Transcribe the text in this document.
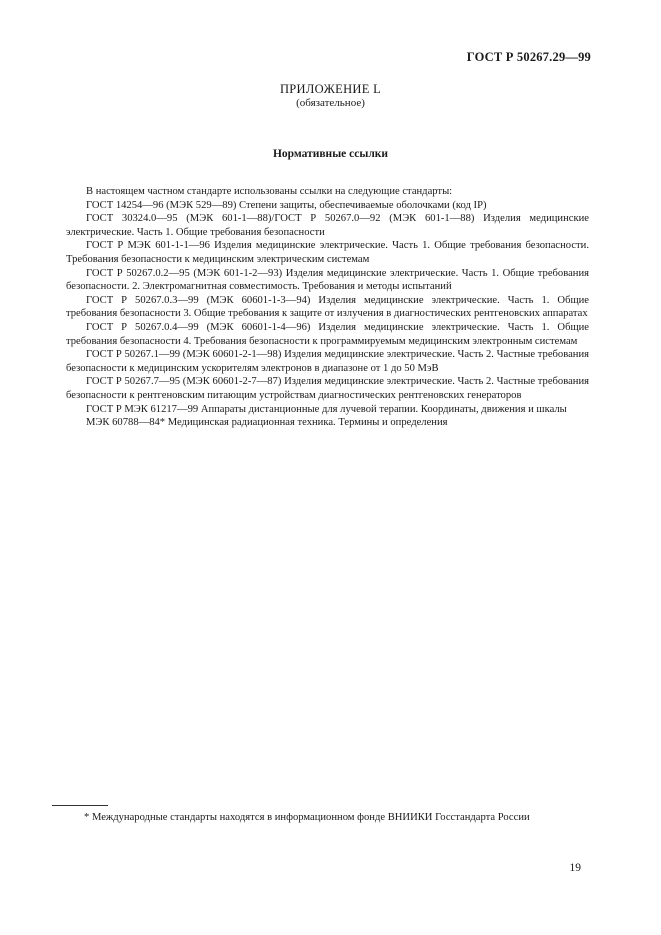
ГОСТ Р 50267.29—99
ПРИЛОЖЕНИЕ L
(обязательное)
Нормативные ссылки

В настоящем частном стандарте использованы ссылки на следующие стандарты:

ГОСТ 14254—96 (МЭК 529—89) Степени защиты, обеспечиваемые оболочками (код IP)

ГОСТ 30324.0—95 (МЭК 601-1—88)/ГОСТ Р 50267.0—92 (МЭК 601-1—88) Изделия медицинские электрические. Часть 1. Общие требования безопасности

ГОСТ Р МЭК 601-1-1—96 Изделия медицинские электрические. Часть 1. Общие требования безопасности. Требования безопасности к медицинским электрическим системам

ГОСТ Р 50267.0.2—95 (МЭК 601-1-2—93) Изделия медицинские электрические. Часть 1. Общие требования безопасности. 2. Электромагнитная совместимость. Требования и методы испытаний

ГОСТ Р 50267.0.3—99 (МЭК 60601-1-3—94) Изделия медицинские электрические. Часть 1. Общие требования безопасности 3. Общие требования к защите от излучения в диагностических рентгеновских аппаратах

ГОСТ Р 50267.0.4—99 (МЭК 60601-1-4—96) Изделия медицинские электрические. Часть 1. Общие требования безопасности 4. Требования безопасности к программируемым медицинским электронным системам

ГОСТ Р 50267.1—99 (МЭК 60601-2-1—98) Изделия медицинские электрические. Часть 2. Частные требования безопасности к медицинским ускорителям электронов в диапазоне от 1 до 50 МэВ

ГОСТ Р 50267.7—95 (МЭК 60601-2-7—87) Изделия медицинские электрические. Часть 2. Частные требования безопасности к рентгеновским питающим устройствам диагностических рентгеновских генераторов

ГОСТ Р МЭК 61217—99 Аппараты дистанционные для лучевой терапии. Координаты, движения и шкалы

МЭК 60788—84* Медицинская радиационная техника. Термины и определения

* Международные стандарты находятся в информационном фонде ВНИИКИ Госстандарта России
19
